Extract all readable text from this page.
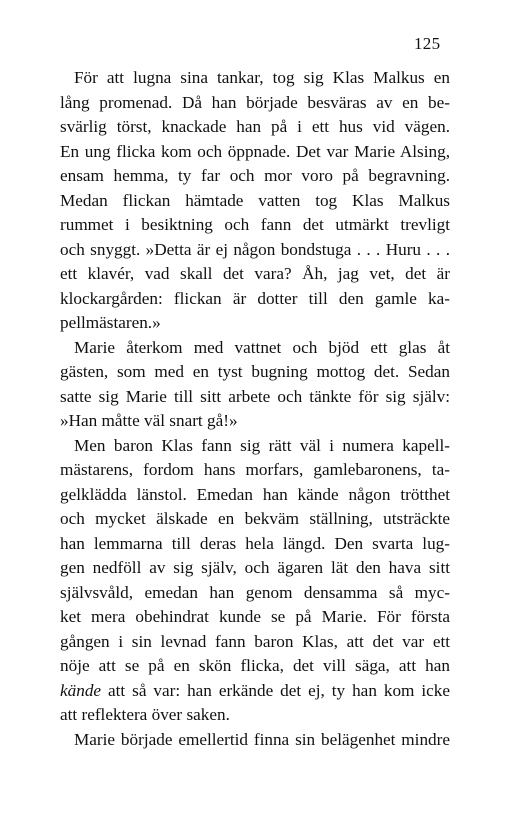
125
För att lugna sina tankar, tog sig Klas Malkus en
lång promenad. Då han började besväras av en be-
svärlig törst, knackade han på i ett hus vid vägen.
En ung flicka kom och öppnade. Det var Marie Alsing,
ensam hemma, ty far och mor voro på begravning.
Medan flickan hämtade vatten tog Klas Malkus
rummet i besiktning och fann det utmärkt trevligt
och snyggt. »Detta är ej någon bondstuga . . . Huru . . .
ett klavér, vad skall det vara? Åh, jag vet, det är
klockargården: flickan är dotter till den gamle ka-
pellmästaren.»
Marie återkom med vattnet och bjöd ett glas åt
gästen, som med en tyst bugning mottog det. Sedan
satte sig Marie till sitt arbete och tänkte för sig själv:
»Han måtte väl snart gå!»
Men baron Klas fann sig rätt väl i numera kapell-
mästarens, fordom hans morfars, gamlebaronens, ta-
gelklädda länstol. Emedan han kände någon trötthet
och mycket älskade en bekväm ställning, utsträckte
han lemmarna till deras hela längd. Den svarta lug-
gen nedföll av sig själv, och ägaren lät den hava sitt
självsvåld, emedan han genom densamma så myc-
ket mera obehindrat kunde se på Marie. För första
gången i sin levnad fann baron Klas, att det var ett
nöje att se på en skön flicka, det vill säga, att han
kände att så var: han erkände det ej, ty han kom icke
att reflektera över saken.
Marie började emellertid finna sin belägenhet mindre
